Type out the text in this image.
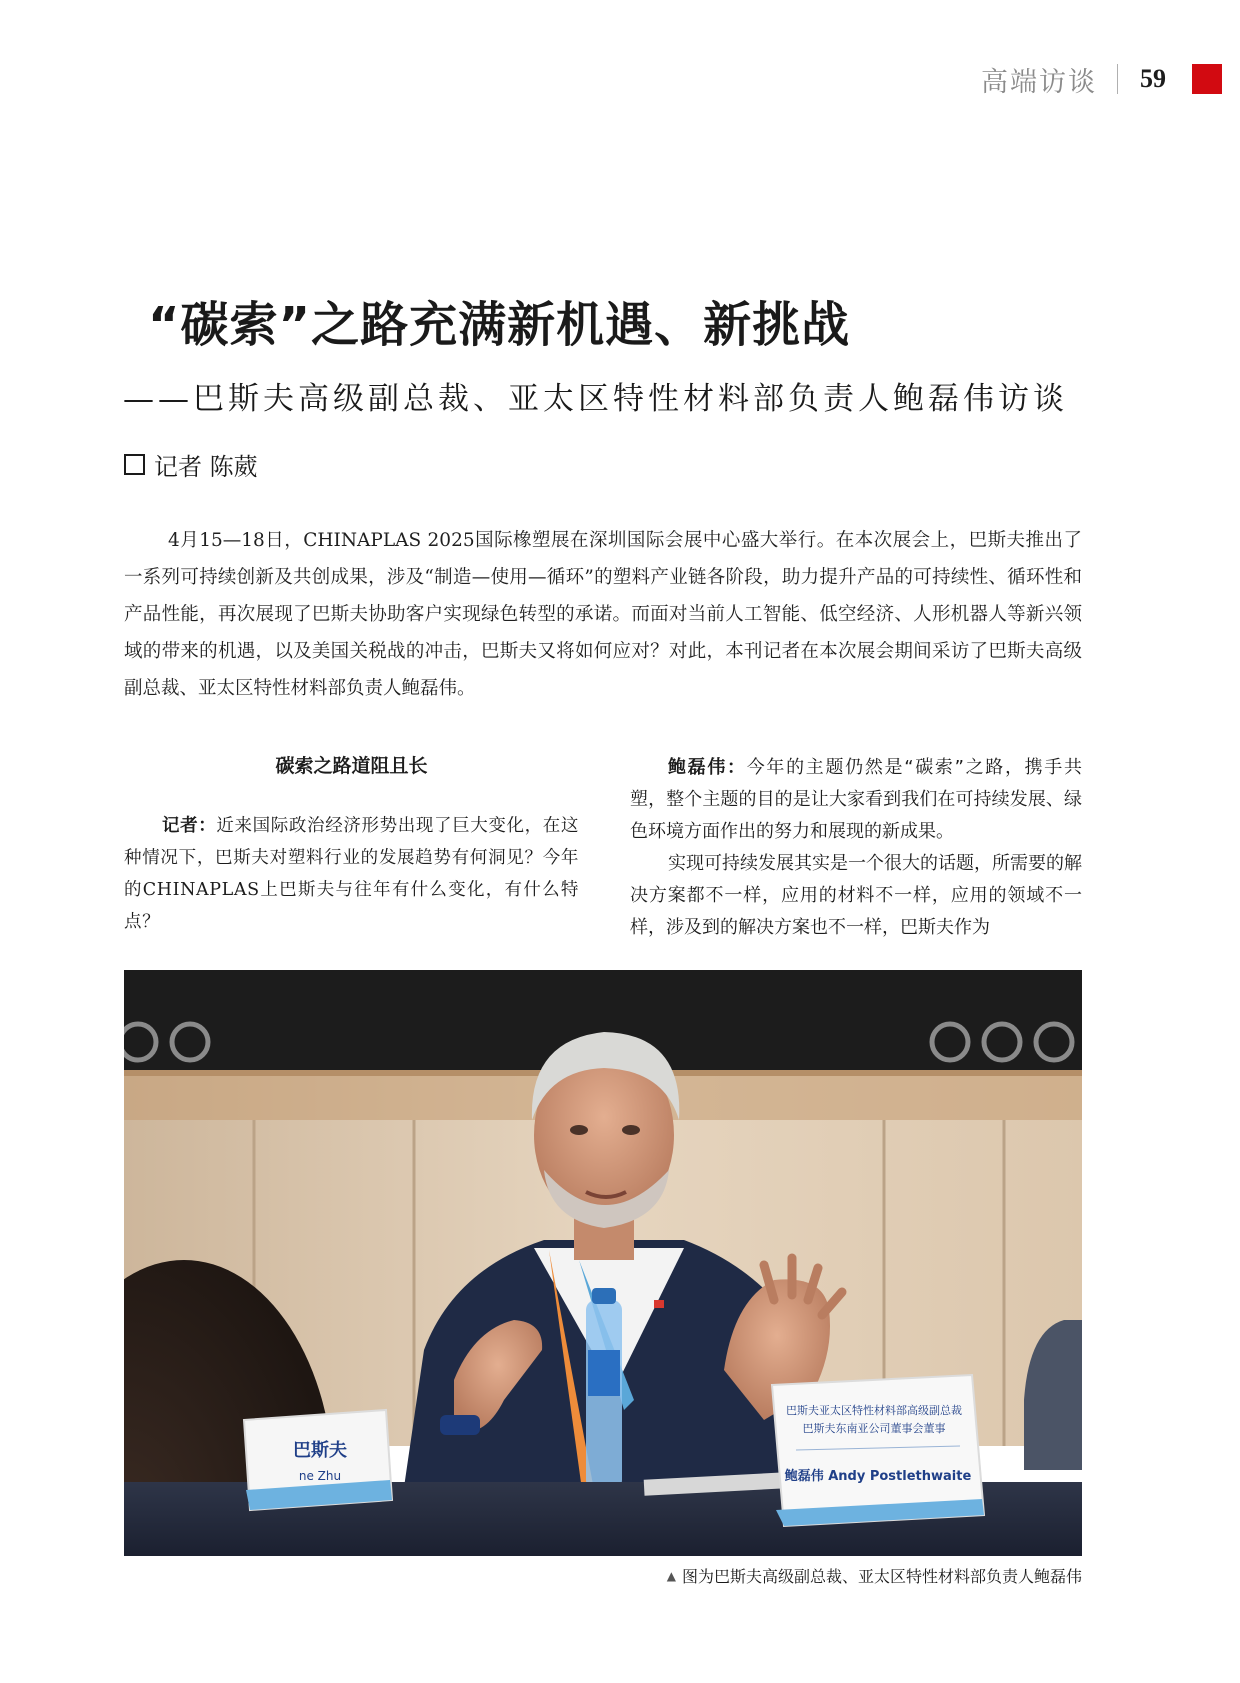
高端访谈 59
“碳索”之路充满新机遇、新挑战
——巴斯夫高级副总裁、亚太区特性材料部负责人鲍磊伟访谈
记者 陈葳

4月15—18日，CHINAPLAS 2025国际橡塑展在深圳国际会展中心盛大举行。在本次展会上，巴斯夫推出了一系列可持续创新及共创成果，涉及“制造—使用—循环”的塑料产业链各阶段，助力提升产品的可持续性、循环性和产品性能，再次展现了巴斯夫协助客户实现绿色转型的承诺。而面对当前人工智能、低空经济、人形机器人等新兴领域的带来的机遇，以及美国关税战的冲击，巴斯夫又将如何应对？对此，本刊记者在本次展会期间采访了巴斯夫高级副总裁、亚太区特性材料部负责人鲍磊伟。

碳索之路道阻且长

记者：近来国际政治经济形势出现了巨大变化，在这种情况下，巴斯夫对塑料行业的发展趋势有何洞见？今年的CHINAPLAS上巴斯夫与往年有什么变化，有什么特点？

鲍磊伟：今年的主题仍然是“碳索”之路，携手共塑，整个主题的目的是让大家看到我们在可持续发展、绿色环境方面作出的努力和展现的新成果。

实现可持续发展其实是一个很大的话题，所需要的解决方案都不一样，应用的材料不一样，应用的领域不一样，涉及到的解决方案也不一样，巴斯夫作为

巴斯夫亚太区特性材料部高级副总裁
巴斯夫东南亚公司董事会董事
鲍磊伟 Andy Postlethwaite
巴斯夫
ne Zhu
▲ 图为巴斯夫高级副总裁、亚太区特性材料部负责人鲍磊伟
